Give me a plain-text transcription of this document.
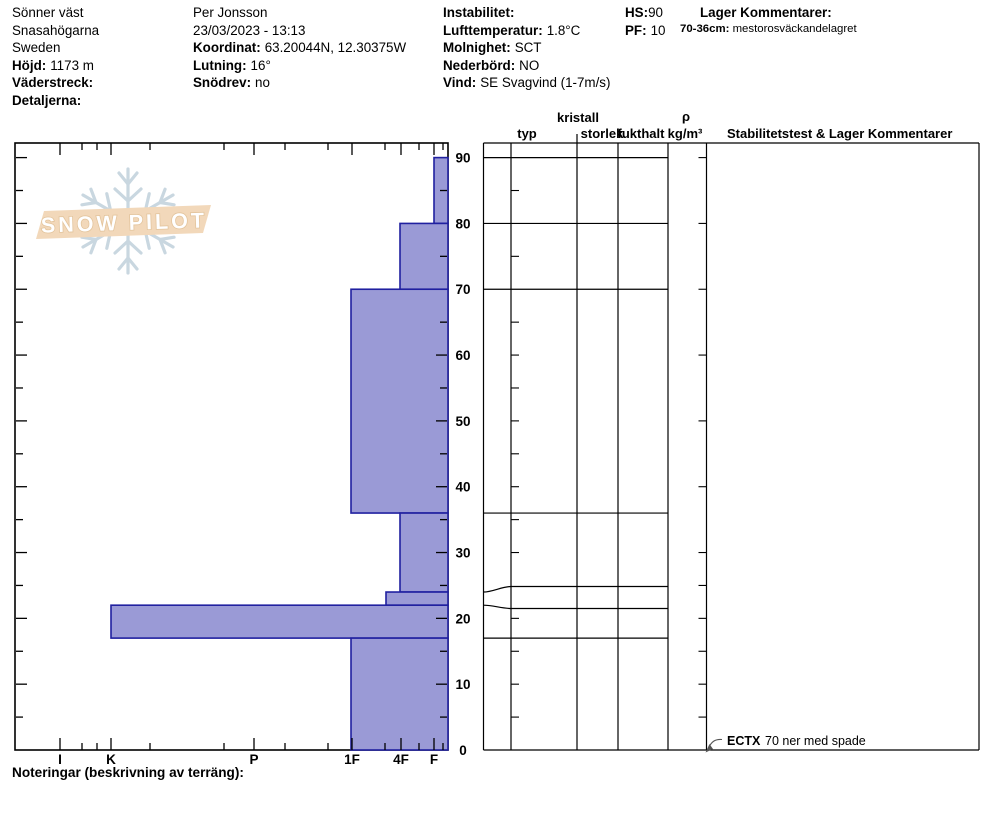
Sönner väst
Snasahögarna
Sweden
Höjd: 1173 m
Väderstreck:
Detaljerna:
Per Jonsson
23/03/2023 - 13:13
Koordinat: 63.20044N, 12.30375W
Lutning: 16°
Snödrev: no
Instabilitet:
Lufttemperatur: 1.8°C
Molnighet: SCT
Nederbörd: NO
Vind: SE Svagvind (1-7m/s)
HS:90
PF: 10
Lager Kommentarer:
70-36cm: mestorosväckandelagret
SNOW PILOT
0
10
20
30
40
50
60
70
80
90
I	K	P	1F 4F F
typ
kristall
storlek
fukthalt
ρ
kg/m³ Stabilitetstest & Lager Kommentarer
ECTX 70 ner med spade
Noteringar (beskrivning av terräng):
